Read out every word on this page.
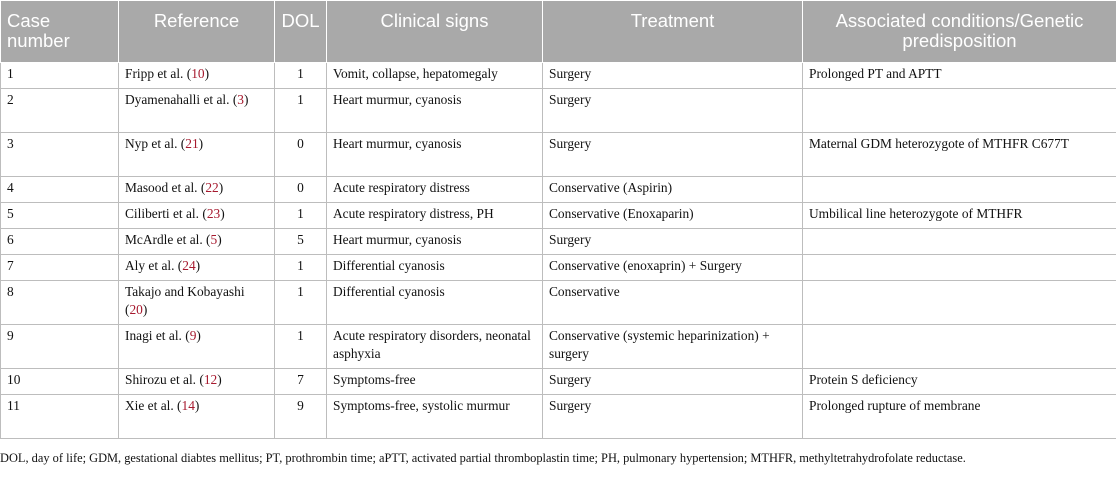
Case number	Reference	DOL	Clinical signs	Treatment	Associated conditions/Genetic predisposition
1	Fripp et al. (10)	1	Vomit, collapse, hepatomegaly	Surgery	Prolonged PT and APTT
2	Dyamenahalli et al. (3)	1	Heart murmur, cyanosis	Surgery	
3	Nyp et al. (21)	0	Heart murmur, cyanosis	Surgery	Maternal GDM heterozygote of MTHFR C677T
4	Masood et al. (22)	0	Acute respiratory distress	Conservative (Aspirin)	
5	Ciliberti et al. (23)	1	Acute respiratory distress, PH	Conservative (Enoxaparin)	Umbilical line heterozygote of MTHFR
6	McArdle et al. (5)	5	Heart murmur, cyanosis	Surgery	
7	Aly et al. (24)	1	Differential cyanosis	Conservative (enoxaprin) + Surgery	
8	Takajo and Kobayashi (20)	1	Differential cyanosis	Conservative	
9	Inagi et al. (9)	1	Acute respiratory disorders, neonatal asphyxia	Conservative (systemic heparinization) + surgery	
10	Shirozu et al. (12)	7	Symptoms-free	Surgery	Protein S deficiency
11	Xie et al. (14)	9	Symptoms-free, systolic murmur	Surgery	Prolonged rupture of membrane

DOL, day of life; GDM, gestational diabtes mellitus; PT, prothrombin time; aPTT, activated partial thromboplastin time; PH, pulmonary hypertension; MTHFR, methyltetrahydrofolate reductase.
